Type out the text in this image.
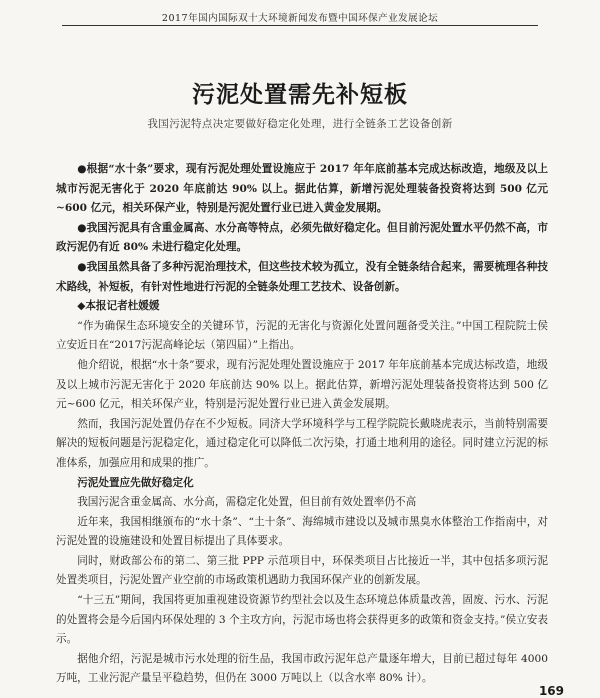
2017年国内国际双十大环境新闻发布暨中国环保产业发展论坛
污泥处置需先补短板
我国污泥特点决定要做好稳定化处理，进行全链条工艺设备创新

●根据“水十条”要求，现有污泥处理处置设施应于 2017 年年底前基本完成达标改造，地级及以上城市污泥无害化于 2020 年底前达 90% 以上。据此估算，新增污泥处理装备投资将达到 500 亿元~600 亿元，相关环保产业，特别是污泥处置行业已进入黄金发展期。

●我国污泥具有含重金属高、水分高等特点，必须先做好稳定化。但目前污泥处置水平仍然不高，市政污泥仍有近 80% 未进行稳定化处理。

●我国虽然具备了多种污泥治理技术，但这些技术较为孤立，没有全链条结合起来，需要梳理各种技术路线，补短板，有针对性地进行污泥的全链条处理工艺技术、设备创新。

◆本报记者杜媛媛

“作为确保生态环境安全的关键环节，污泥的无害化与资源化处置问题备受关注。”中国工程院院士侯立安近日在“2017污泥高峰论坛（第四届）”上指出。

他介绍说，根据“水十条”要求，现有污泥处理处置设施应于 2017 年年底前基本完成达标改造，地级及以上城市污泥无害化于 2020 年底前达 90% 以上。据此估算，新增污泥处理装备投资将达到 500 亿元~600 亿元，相关环保产业，特别是污泥处置行业已进入黄金发展期。

然而，我国污泥处置仍存在不少短板。同济大学环境科学与工程学院院长戴晓虎表示，当前特别需要解决的短板问题是污泥稳定化，通过稳定化可以降低二次污染，打通土地利用的途径。同时建立污泥的标准体系，加强应用和成果的推广。

污泥处置应先做好稳定化

我国污泥含重金属高、水分高，需稳定化处置，但目前有效处置率仍不高

近年来，我国相继颁布的“水十条”、“土十条”、海绵城市建设以及城市黑臭水体整治工作指南中，对污泥处置的设施建设和处置目标提出了具体要求。

同时，财政部公布的第二、第三批 PPP 示范项目中，环保类项目占比接近一半，其中包括多项污泥处置类项目，污泥处置产业空前的市场政策机遇助力我国环保产业的创新发展。

“十三五”期间，我国将更加重视建设资源节约型社会以及生态环境总体质量改善，固废、污水、污泥的处置将会是今后国内环保处理的 3 个主攻方向，污泥市场也将会获得更多的政策和资金支持。”侯立安表示。

据他介绍，污泥是城市污水处理的衍生品，我国市政污泥年总产量逐年增大，目前已超过每年 4000 万吨，工业污泥产量呈平稳趋势，但仍在 3000 万吨以上（以含水率 80% 计）。

169
